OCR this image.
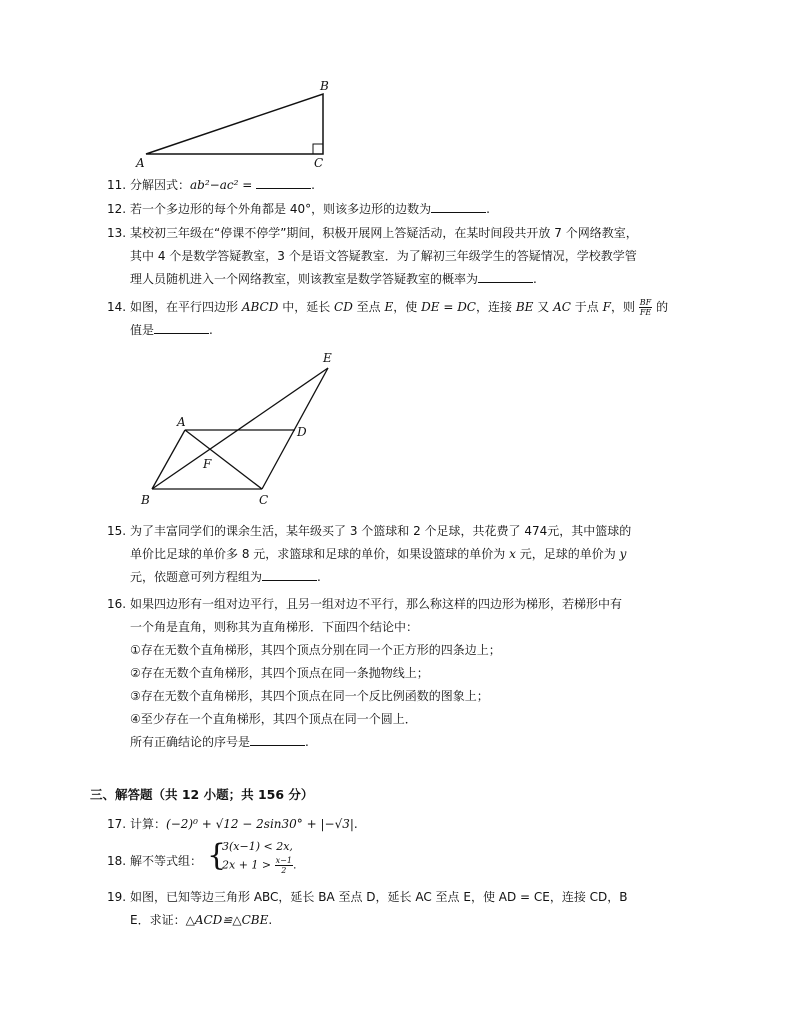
A
B
C
11. 分解因式：ab²−ac² =	.
12. 若一个多边形的每个外角都是 40°，则该多边形的边数为	.
13. 某校初三年级在“停课不停学”期间，积极开展网上答疑活动，在某时间段共开放 7 个网络教室，
其中 4 个是数学答疑教室，3 个是语文答疑教室．为了解初三年级学生的答疑情况，学校教学管
理人员随机进入一个网络教室，则该教室是数学答疑教室的概率为	.
14. 如图，在平行四边形 ABCD 中，延长 CD 至点 E，使 DE = DC，连接 BE 又 AC 于点 F，则 $\frac{BF}{FE}$ 的
值是	.
A
B	C
D
E
F
15. 为了丰富同学们的课余生活，某年级买了 3 个篮球和 2 个足球，共花费了 474元，其中篮球的
单价比足球的单价多 8 元，求篮球和足球的单价，如果设篮球的单价为 x 元，足球的单价为 y
元，依题意可列方程组为	.
16. 如果四边形有一组对边平行，且另一组对边不平行，那么称这样的四边形为梯形，若梯形中有
一个角是直角，则称其为直角梯形．下面四个结论中：
①存在无数个直角梯形，其四个顶点分别在同一个正方形的四条边上；
②存在无数个直角梯形，其四个顶点在同一条抛物线上；
③存在无数个直角梯形，其四个顶点在同一个反比例函数的图象上；
④至少存在一个直角梯形，其四个顶点在同一个圆上．
所有正确结论的序号是	.
三、解答题（共 12 小题；共 156 分）
17. 计算：(−2)⁰ + √12 − 2sin30° + |−√3|.
18. 解不等式组： {
3(x−1) < 2x,
$2x + 1 > \frac{x-1}{2}$.
19. 如图，已知等边三角形 ABC，延长 BA 至点 D，延长 AC 至点 E，使 AD = CE，连接 CD，B
E．求证：△ACD≌△CBE.
